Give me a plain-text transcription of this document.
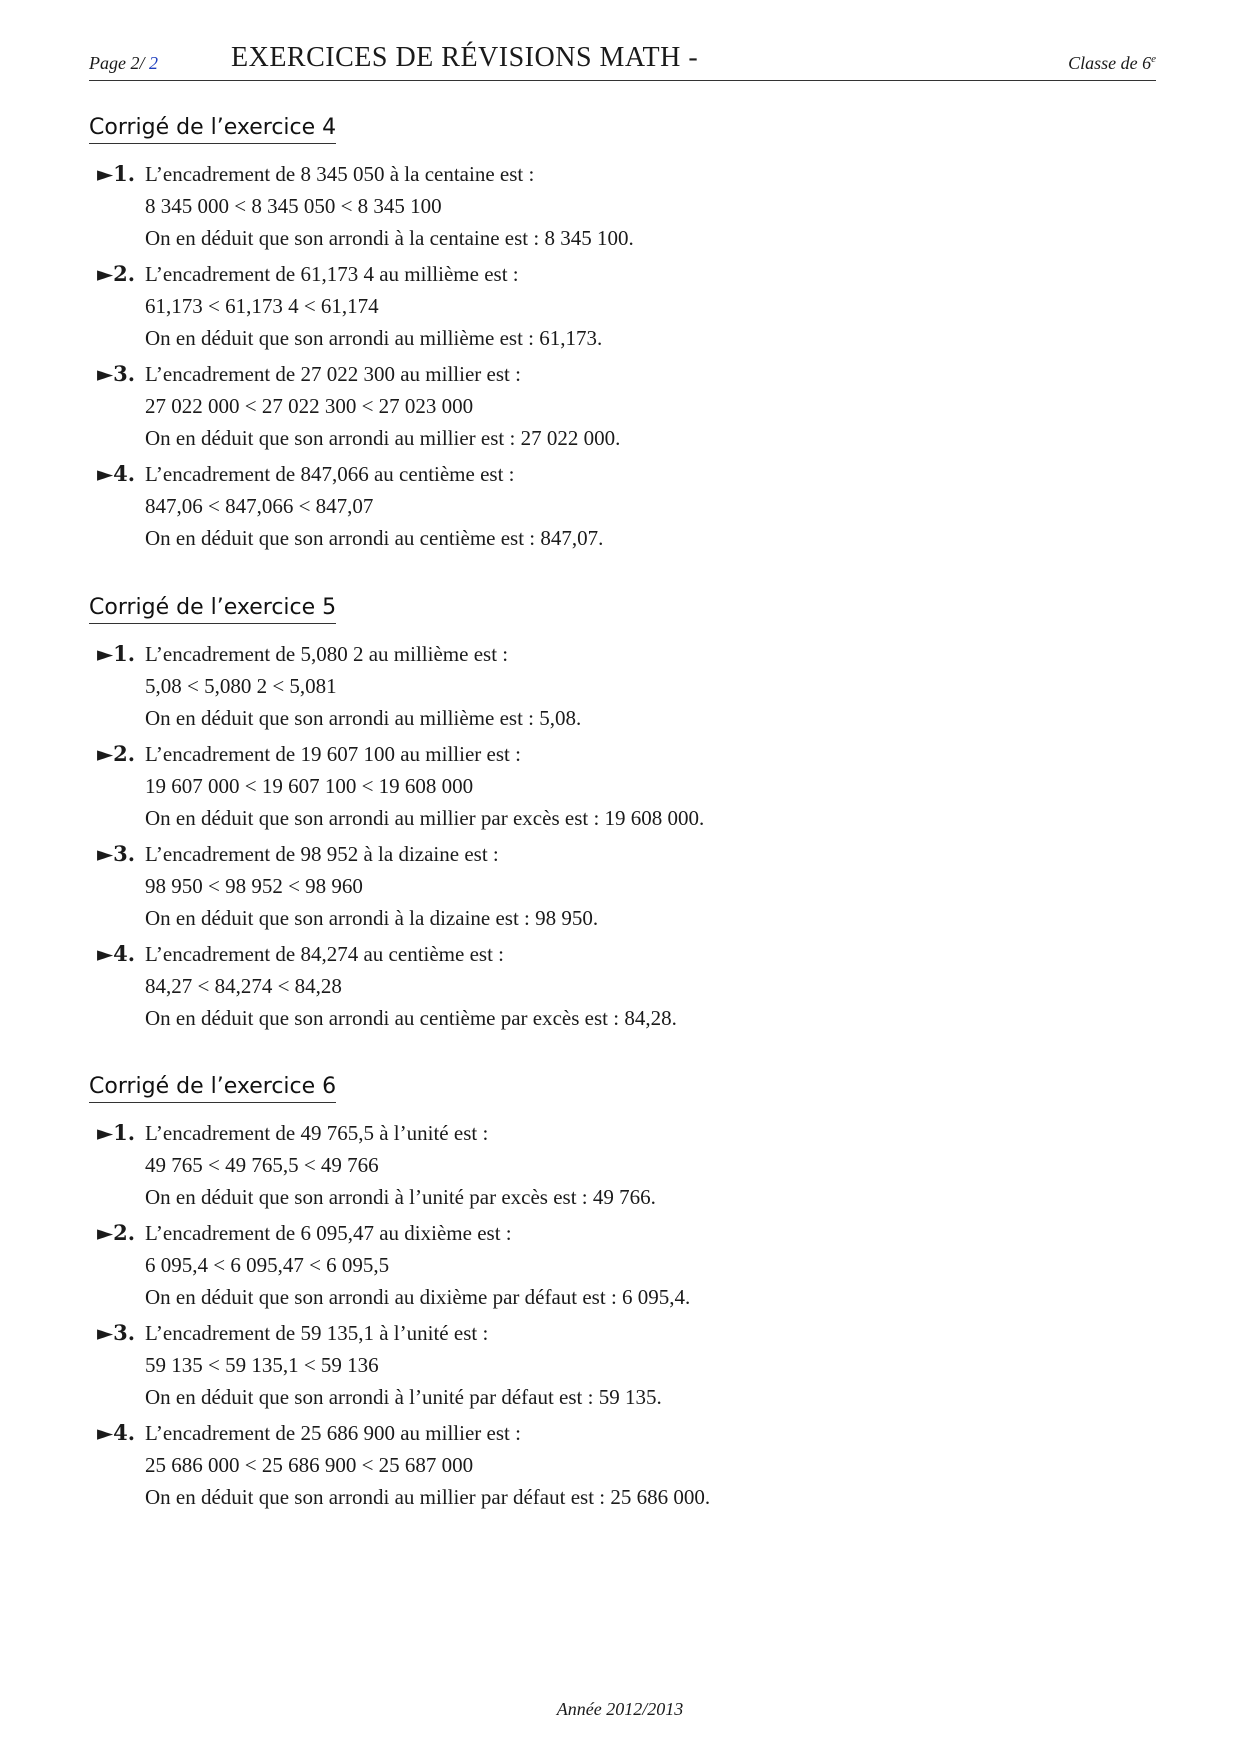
Page 2/ 2	EXERCICES DE RÉVISIONS MATH -	Classe de 6e
Corrigé de l’exercice 4
►1. L’encadrement de 8 345 050 à la centaine est :
8 345 000 < 8 345 050 < 8 345 100
On en déduit que son arrondi à la centaine est : 8 345 100.
►2. L’encadrement de 61,173 4 au millième est :
61,173 < 61,173 4 < 61,174
On en déduit que son arrondi au millième est : 61,173.
►3. L’encadrement de 27 022 300 au millier est :
27 022 000 < 27 022 300 < 27 023 000
On en déduit que son arrondi au millier est : 27 022 000.
►4. L’encadrement de 847,066 au centième est :
847,06 < 847,066 < 847,07
On en déduit que son arrondi au centième est : 847,07.
Corrigé de l’exercice 5
►1. L’encadrement de 5,080 2 au millième est :
5,08 < 5,080 2 < 5,081
On en déduit que son arrondi au millième est : 5,08.
►2. L’encadrement de 19 607 100 au millier est :
19 607 000 < 19 607 100 < 19 608 000
On en déduit que son arrondi au millier par excès est : 19 608 000.
►3. L’encadrement de 98 952 à la dizaine est :
98 950 < 98 952 < 98 960
On en déduit que son arrondi à la dizaine est : 98 950.
►4. L’encadrement de 84,274 au centième est :
84,27 < 84,274 < 84,28
On en déduit que son arrondi au centième par excès est : 84,28.
Corrigé de l’exercice 6
►1. L’encadrement de 49 765,5 à l’unité est :
49 765 < 49 765,5 < 49 766
On en déduit que son arrondi à l’unité par excès est : 49 766.
►2. L’encadrement de 6 095,47 au dixième est :
6 095,4 < 6 095,47 < 6 095,5
On en déduit que son arrondi au dixième par défaut est : 6 095,4.
►3. L’encadrement de 59 135,1 à l’unité est :
59 135 < 59 135,1 < 59 136
On en déduit que son arrondi à l’unité par défaut est : 59 135.
►4. L’encadrement de 25 686 900 au millier est :
25 686 000 < 25 686 900 < 25 687 000
On en déduit que son arrondi au millier par défaut est : 25 686 000.
Année 2012/2013
